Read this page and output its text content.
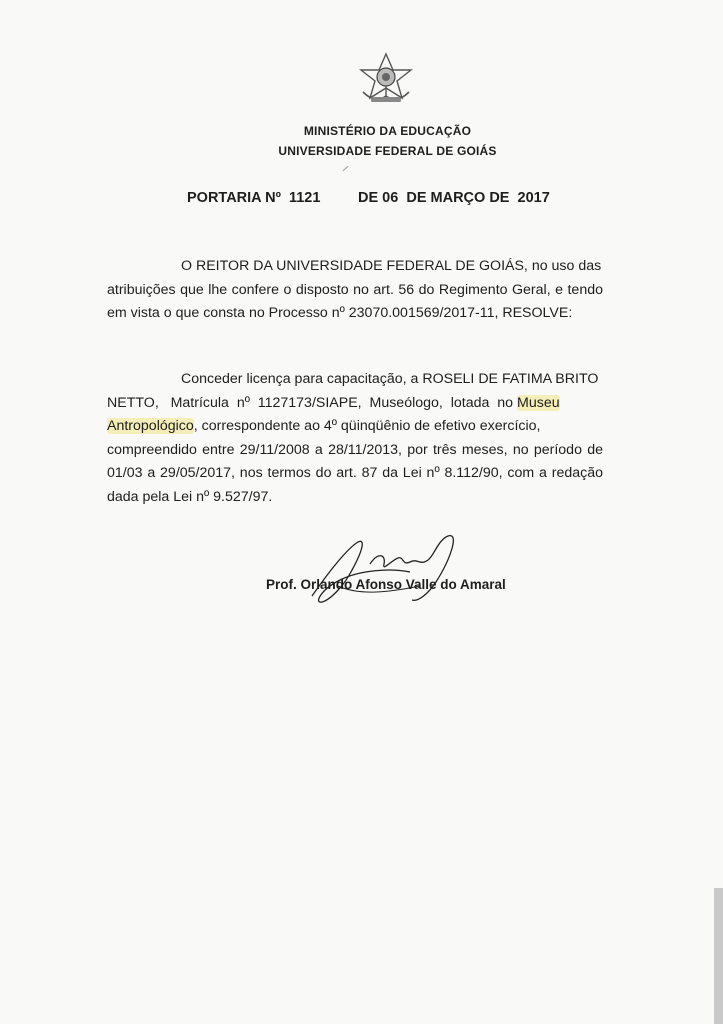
MINISTÉRIO DA EDUCAÇÃO
UNIVERSIDADE FEDERAL DE GOIÁS
PORTARIA Nº  1121	DE 06  DE MARÇO DE  2017
O REITOR DA UNIVERSIDADE FEDERAL DE GOIÁS, no uso das
atribuições que lhe confere o disposto no art. 56 do Regimento Geral, e tendo
em vista o que consta no Processo nº 23070.001569/2017-11, RESOLVE:
Conceder licença para capacitação, a ROSELI DE FATIMA BRITO
NETTO,   Matrícula  nº  1127173/SIAPE,  Museólogo,  lotada  no Museu
Antropológico, correspondente ao 4º qüinqüênio de efetivo exercício,
compreendido entre 29/11/2008 a 28/11/2013, por três meses, no período de
01/03 a 29/05/2017, nos termos do art. 87 da Lei nº 8.112/90, com a redação
dada pela Lei nº 9.527/97.
Prof. Orlando Afonso Valle do Amaral
